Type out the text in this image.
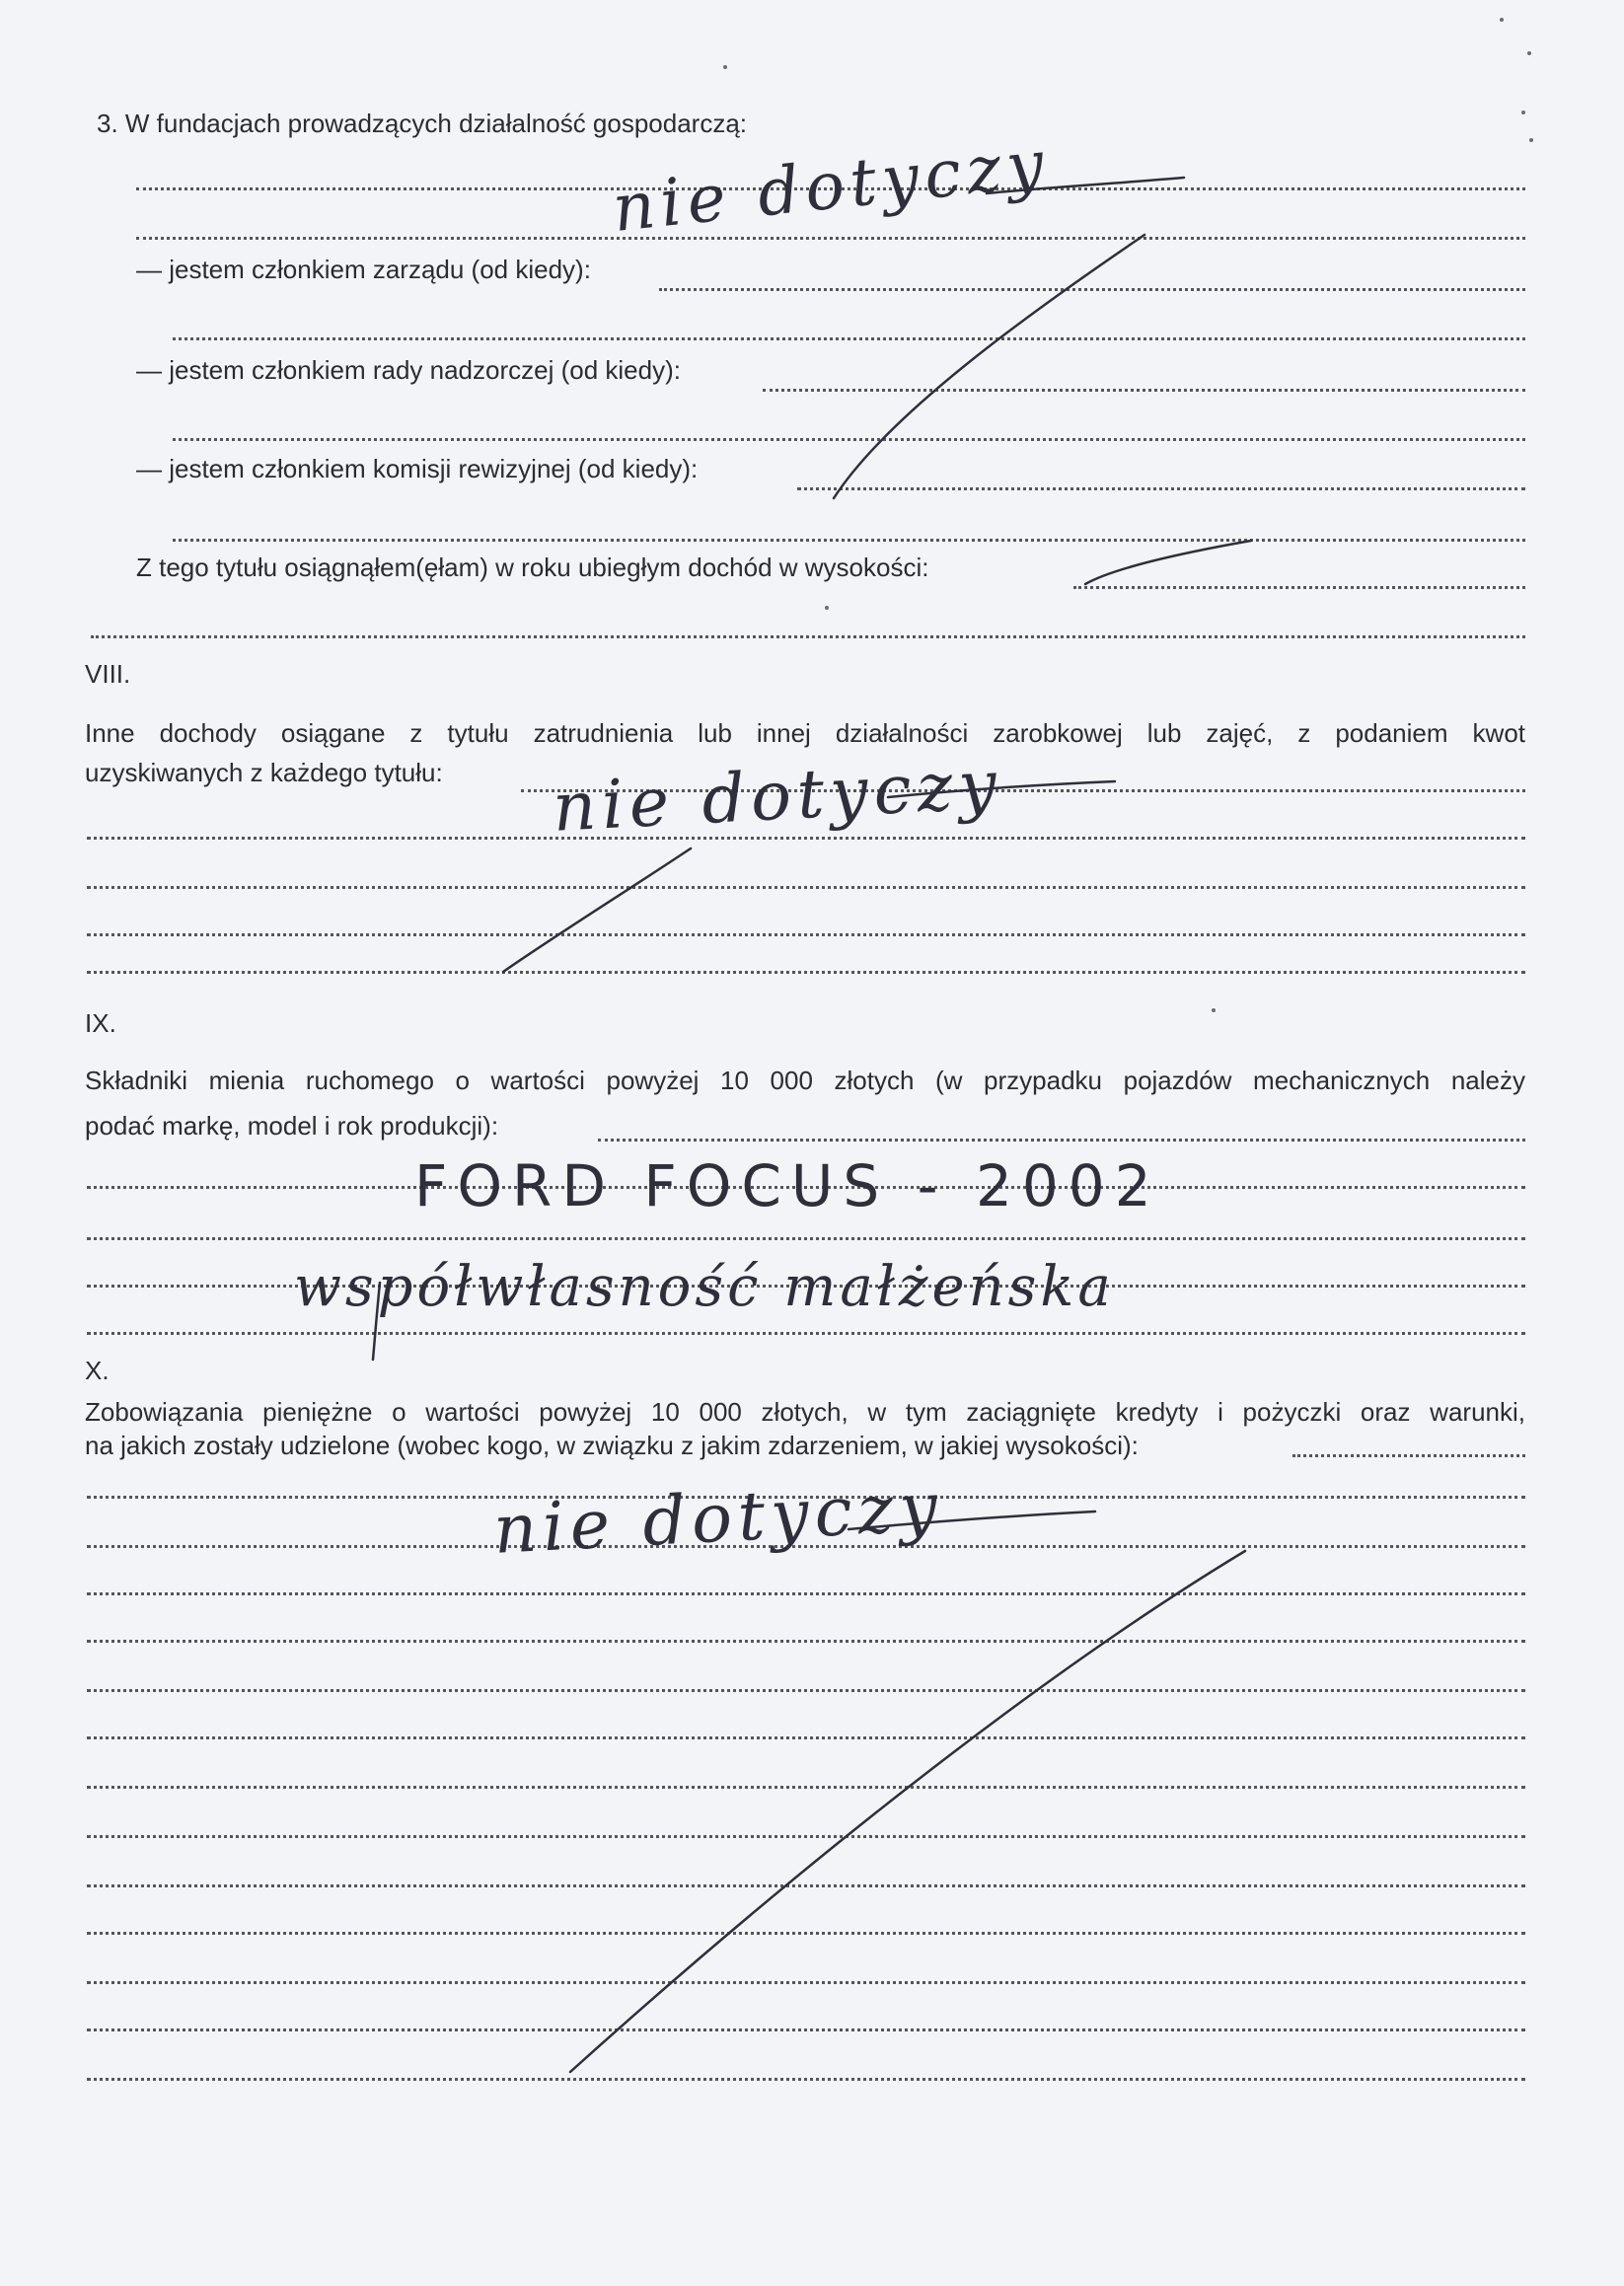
3. W fundacjach prowadzących działalność gospodarczą:
— jestem członkiem zarządu (od kiedy):
— jestem członkiem rady nadzorczej (od kiedy):
— jestem członkiem komisji rewizyjnej (od kiedy):
Z tego tytułu osiągnąłem(ęłam) w roku ubiegłym dochód w wysokości:
nie dotyczy
VIII.
Inne dochody osiągane z tytułu zatrudnienia lub innej działalności zarobkowej lub zajęć, z podaniem kwot
uzyskiwanych z każdego tytułu: nie dotyczy
IX.
Składniki mienia ruchomego o wartości powyżej 10 000 złotych (w przypadku pojazdów mechanicznych należy
podać markę, model i rok produkcji):
FORD FOCUS - 2002
współwłasność małżeńska
X.
Zobowiązania pieniężne o wartości powyżej 10 000 złotych, w tym zaciągnięte kredyty i pożyczki oraz warunki,
na jakich zostały udzielone (wobec kogo, w związku z jakim zdarzeniem, w jakiej wysokości):
nie dotyczy
